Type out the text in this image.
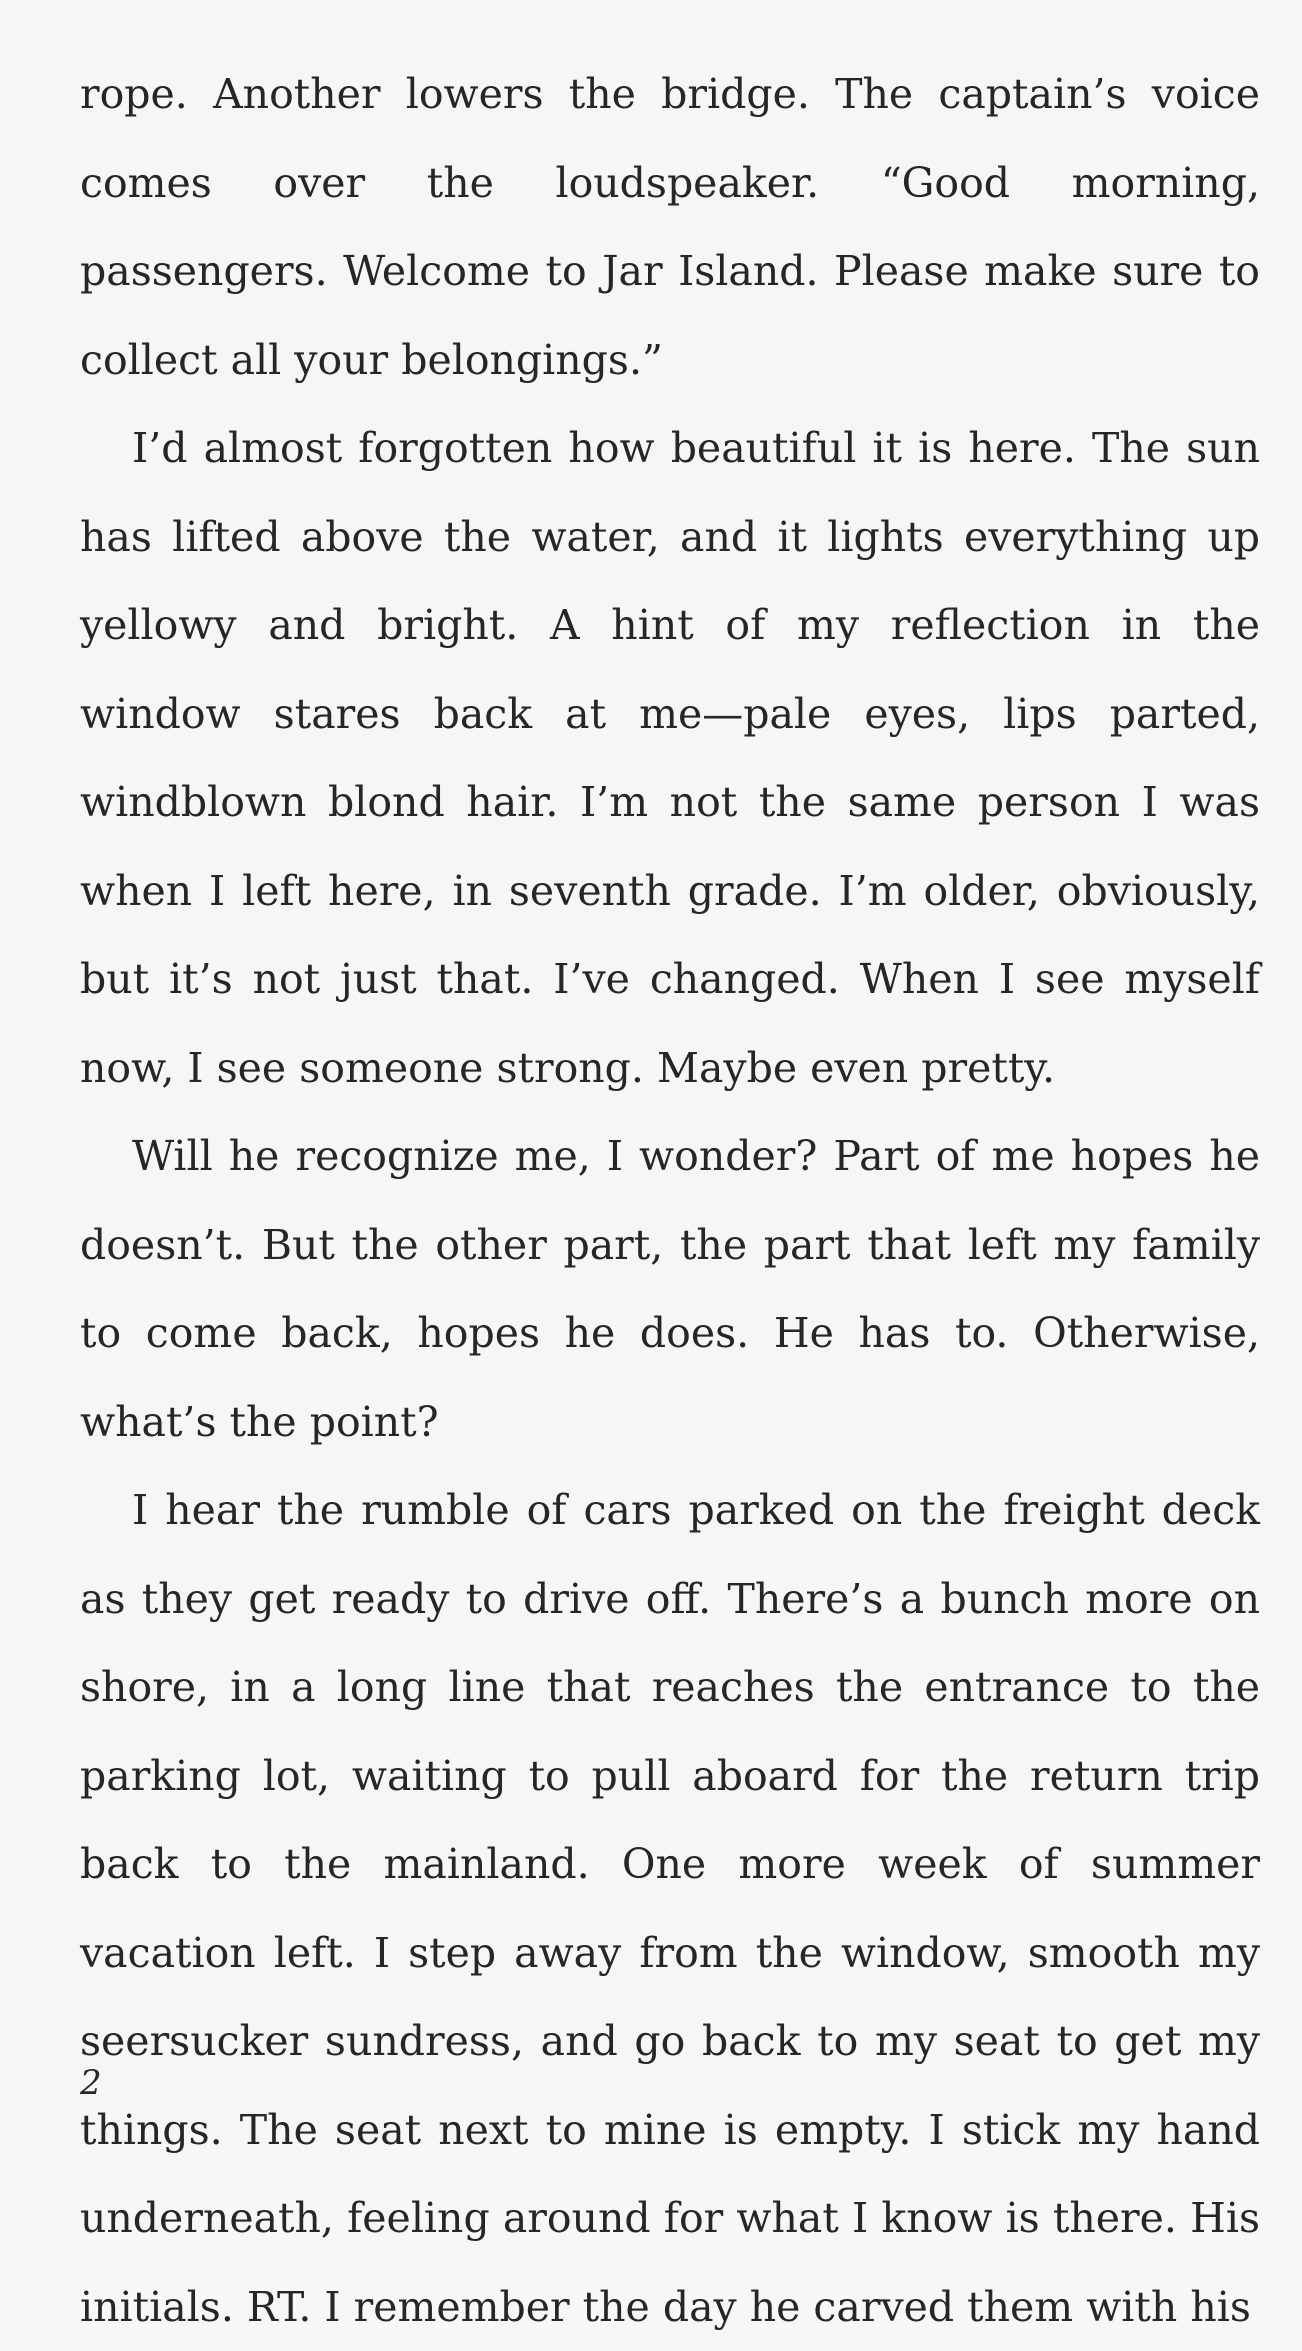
rope. Another lowers the bridge. The captain’s voice comes over the loudspeaker. “Good morning, passengers. Welcome to Jar Island. Please make sure to collect all your belongings.”

I’d almost forgotten how beautiful it is here. The sun has lifted above the water, and it lights everything up yellowy and bright. A hint of my reflection in the window stares back at me—pale eyes, lips parted, windblown blond hair. I’m not the same person I was when I left here, in seventh grade. I’m older, obviously, but it’s not just that. I’ve changed. When I see myself now, I see someone strong. Maybe even pretty.

Will he recognize me, I wonder? Part of me hopes he doesn’t. But the other part, the part that left my family to come back, hopes he does. He has to. Otherwise, what’s the point?

I hear the rumble of cars parked on the freight deck as they get ready to drive off. There’s a bunch more on shore, in a long line that reaches the entrance to the parking lot, waiting to pull aboard for the return trip back to the mainland. One more week of summer vacation left. I step away from the window, smooth my seersucker sundress, and go back to my seat to get my things. The seat next to mine is empty. I stick my hand underneath, feeling around for what I know is there. His initials. RT. I remember the day he carved them with his

2
